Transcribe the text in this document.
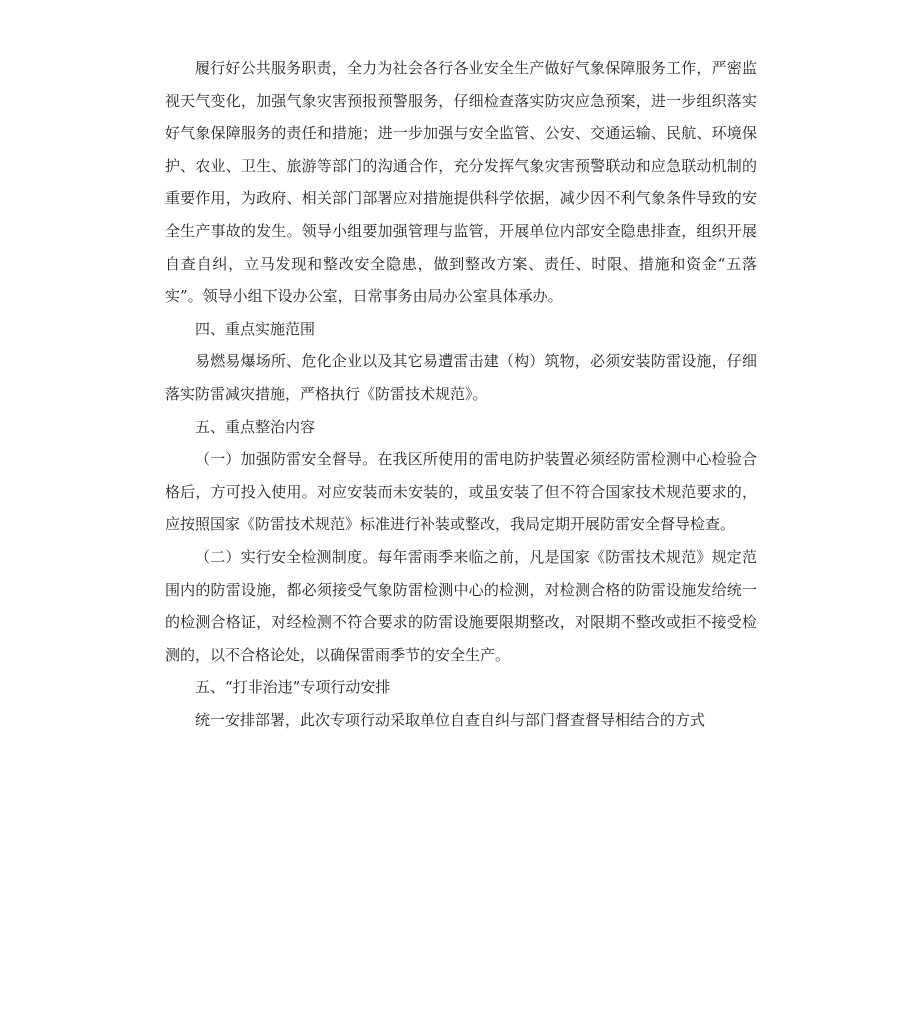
履行好公共服务职责，全力为社会各行各业安全生产做好气象保障服务工作，严密监视天气变化，加强气象灾害预报预警服务，仔细检查落实防灾应急预案，进一步组织落实好气象保障服务的责任和措施；进一步加强与安全监管、公安、交通运输、民航、环境保护、农业、卫生、旅游等部门的沟通合作，充分发挥气象灾害预警联动和应急联动机制的重要作用，为政府、相关部门部署应对措施提供科学依据，减少因不利气象条件导致的安全生产事故的发生。领导小组要加强管理与监管，开展单位内部安全隐患排查，组织开展自查自纠，立马发现和整改安全隐患，做到整改方案、责任、时限、措施和资金“五落实”。领导小组下设办公室，日常事务由局办公室具体承办。

四、重点实施范围

易燃易爆场所、危化企业以及其它易遭雷击建（构）筑物，必须安装防雷设施，仔细落实防雷减灾措施，严格执行《防雷技术规范》。

五、重点整治内容

（一）加强防雷安全督导。在我区所使用的雷电防护装置必须经防雷检测中心检验合格后，方可投入使用。对应安装而未安装的，或虽安装了但不符合国家技术规范要求的，应按照国家《防雷技术规范》标准进行补装或整改，我局定期开展防雷安全督导检查。

（二）实行安全检测制度。每年雷雨季来临之前，凡是国家《防雷技术规范》规定范围内的防雷设施，都必须接受气象防雷检测中心的检测，对检测合格的防雷设施发给统一的检测合格证，对经检测不符合要求的防雷设施要限期整改，对限期不整改或拒不接受检测的，以不合格论处，以确保雷雨季节的安全生产。

五、“打非治违”专项行动安排

统一安排部署，此次专项行动采取单位自查自纠与部门督查督导相结合的方式
